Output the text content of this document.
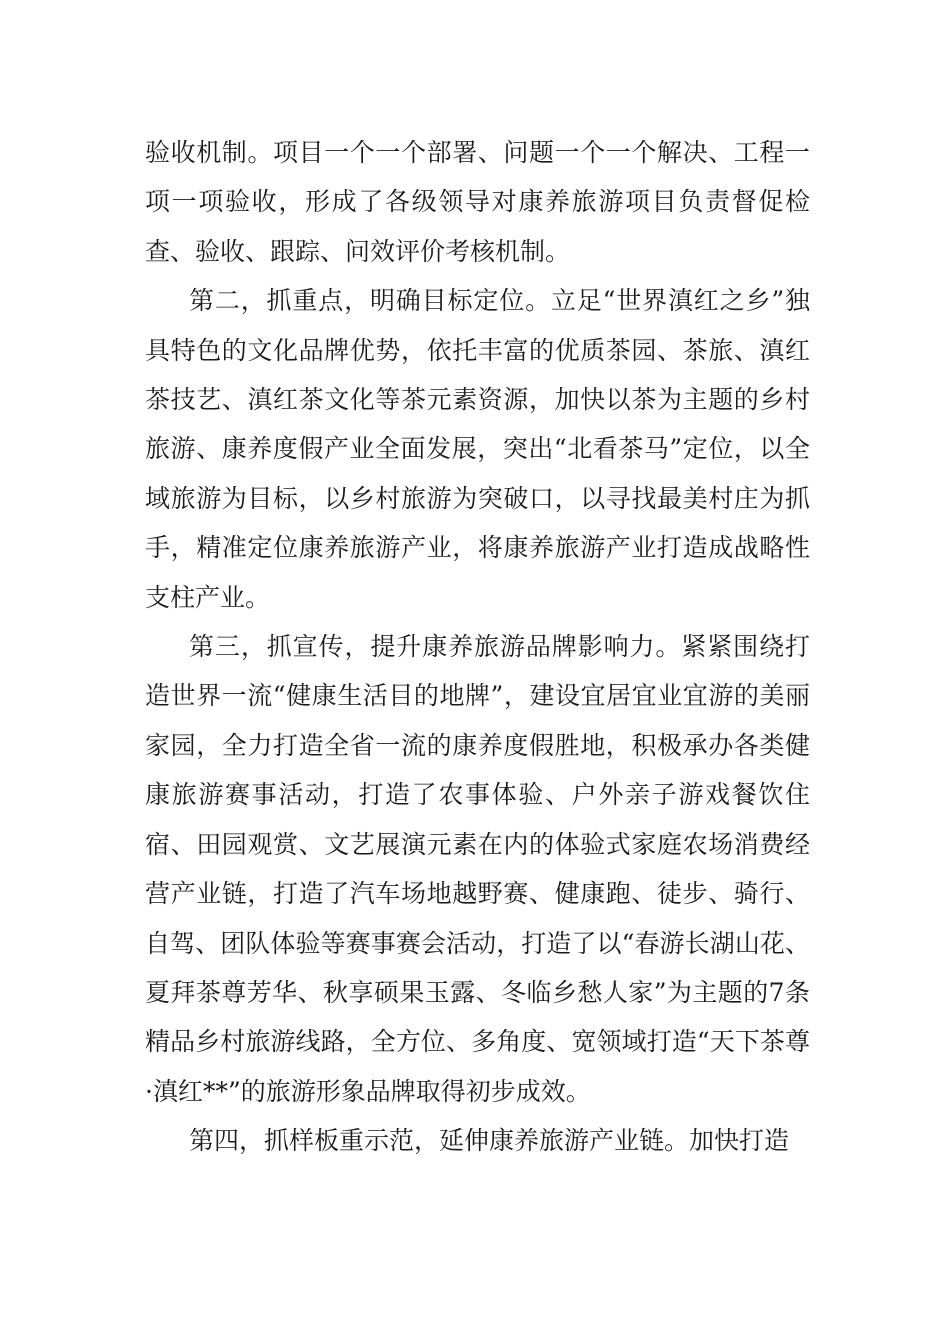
验收机制。项目一个一个部署、问题一个一个解决、工程一项一项验收，形成了各级领导对康养旅游项目负责督促检查、验收、跟踪、问效评价考核机制。

第二，抓重点，明确目标定位。立足“世界滇红之乡”独具特色的文化品牌优势，依托丰富的优质茶园、茶旅、滇红茶技艺、滇红茶文化等茶元素资源，加快以茶为主题的乡村旅游、康养度假产业全面发展，突出“北看茶马”定位，以全域旅游为目标，以乡村旅游为突破口，以寻找最美村庄为抓手，精准定位康养旅游产业，将康养旅游产业打造成战略性支柱产业。

第三，抓宣传，提升康养旅游品牌影响力。紧紧围绕打造世界一流“健康生活目的地牌”，建设宜居宜业宜游的美丽家园，全力打造全省一流的康养度假胜地，积极承办各类健康旅游赛事活动，打造了农事体验、户外亲子游戏餐饮住宿、田园观赏、文艺展演元素在内的体验式家庭农场消费经营产业链，打造了汽车场地越野赛、健康跑、徒步、骑行、自驾、团队体验等赛事赛会活动，打造了以“春游长湖山花、夏拜茶尊芳华、秋享硕果玉露、冬临乡愁人家”为主题的7条精品乡村旅游线路，全方位、多角度、宽领域打造“天下茶尊·滇红**”的旅游形象品牌取得初步成效。

第四，抓样板重示范，延伸康养旅游产业链。加快打造
